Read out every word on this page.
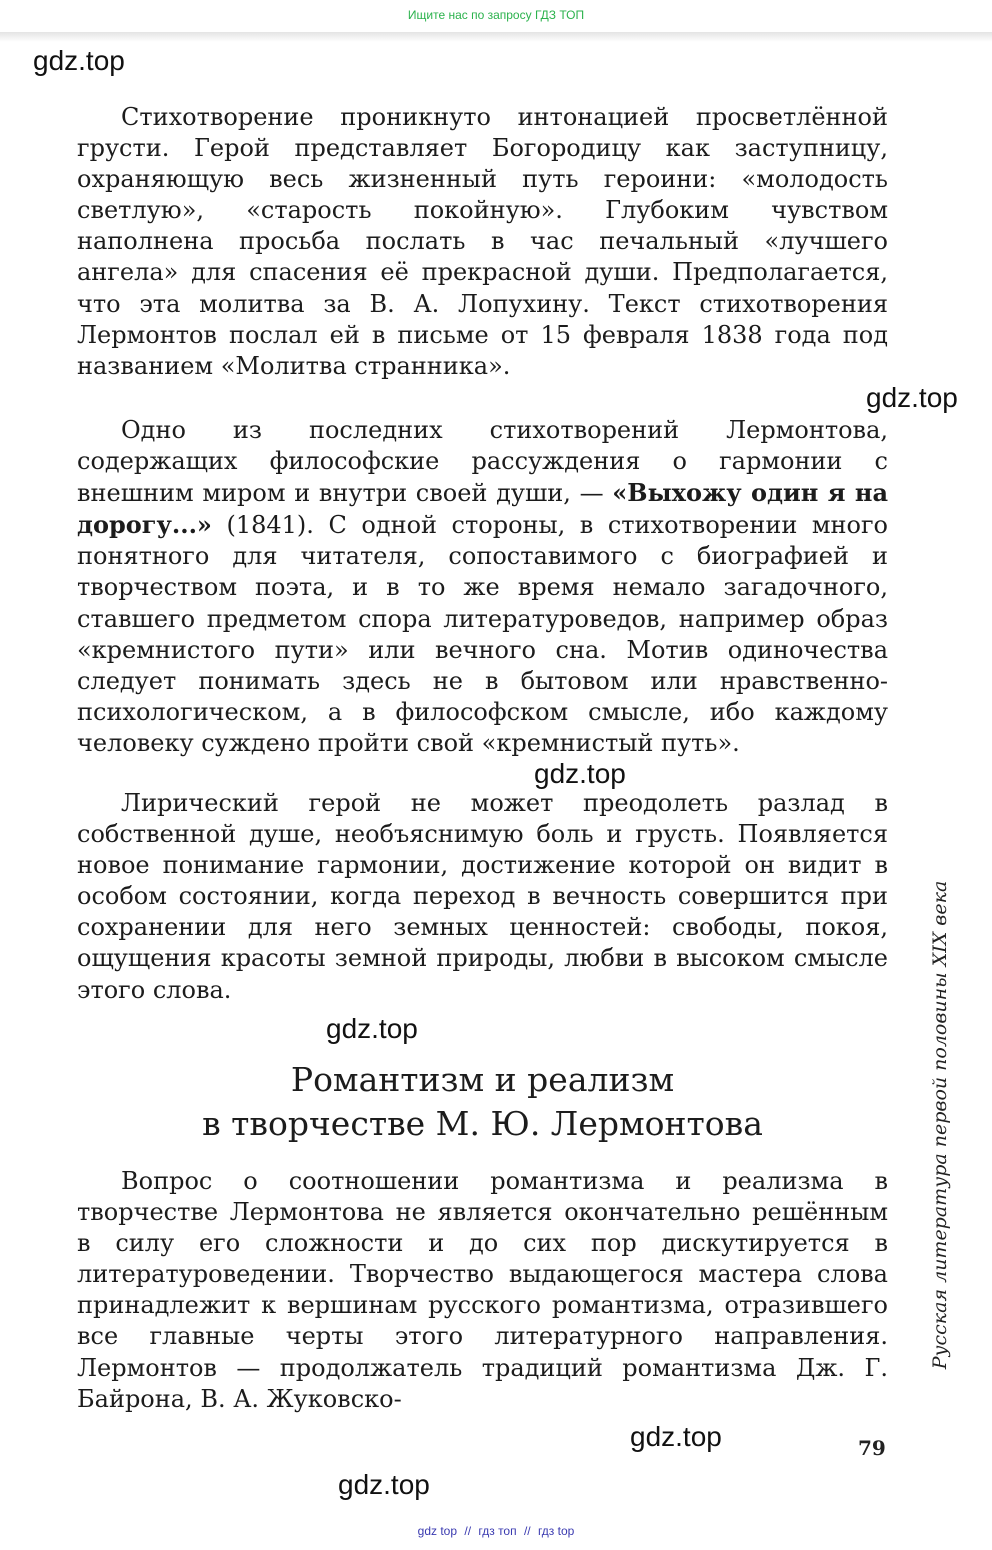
Ищите нас по запросу ГДЗ ТОП
gdz.top

Стихотворение проникнуто интонацией просветлённой грусти. Герой представляет Богородицу как заступницу, охраняющую весь жизненный путь героини: «молодость светлую», «старость покойную». Глубоким чувством наполнена просьба послать в час печальный «лучшего ангела» для спасения её прекрасной души. Предполагается, что эта молитва за В. А. Лопухину. Текст стихотворения Лермонтов послал ей в письме от 15 февраля 1838 года под названием «Молитва странника».

gdz.top

Одно из последних стихотворений Лермонтова, содержащих философские рассуждения о гармонии с внешним миром и внутри своей души, — «Выхожу один я на дорогу...» (1841). С одной стороны, в стихотворении много понятного для читателя, сопоставимого с биографией и творчеством поэта, и в то же время немало загадочного, ставшего предметом спора литературоведов, например образ «кремнистого пути» или вечного сна. Мотив одиночества следует понимать здесь не в бытовом или нравственно-психологическом, а в философском смысле, ибо каждому человеку суждено пройти свой «кремнистый путь».

gdz.top

Лирический герой не может преодолеть разлад в собственной душе, необъяснимую боль и грусть. Появляется новое понимание гармонии, достижение которой он видит в особом состоянии, когда переход в вечность совершится при сохранении для него земных ценностей: свободы, покоя, ощущения красоты земной природы, любви в высоком смысле этого слова.

gdz.top
Романтизм и реализм
в творчестве М. Ю. Лермонтова

Вопрос о соотношении романтизма и реализма в творчестве Лермонтова не является окончательно решённым в силу его сложности и до сих пор дискутируется в литературоведении. Творчество выдающегося мастера слова принадлежит к вершинам русского романтизма, отразившего все главные черты этого литературного направления. Лермонтов — продолжатель традиций романтизма Дж. Г. Байрона, В. А. Жуковско-

Русская литература первой половины XIX века
gdz.top	79
gdz.top
gdz top // гдз топ // гдз top
